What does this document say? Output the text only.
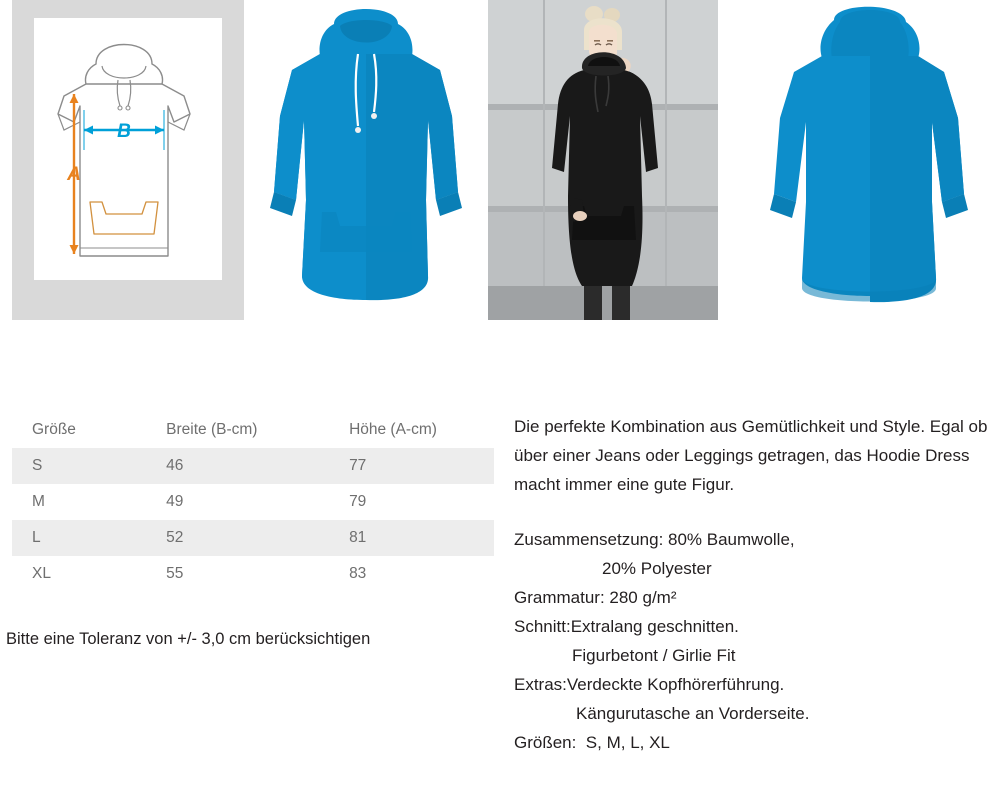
B
A
Größe	Breite (B-cm)	Höhe (A-cm)
S	46	77
M	49	79
L	52	81
XL	55	83
Bitte eine Toleranz von +/- 3,0 cm berücksichtigen

Die perfekte Kombination aus Gemütlichkeit und Style. Egal ob über einer Jeans oder Leggings getragen, das Hoodie Dress macht immer eine gute Figur.

Zusammensetzung: 80% Baumwolle,

20% Polyester

Grammatur: 280 g/m²

Schnitt:Extralang geschnitten.

Figurbetont / Girlie Fit

Extras:Verdeckte Kopfhörerführung.

Kängurutasche an Vorderseite.

Größen:  S, M, L, XL
